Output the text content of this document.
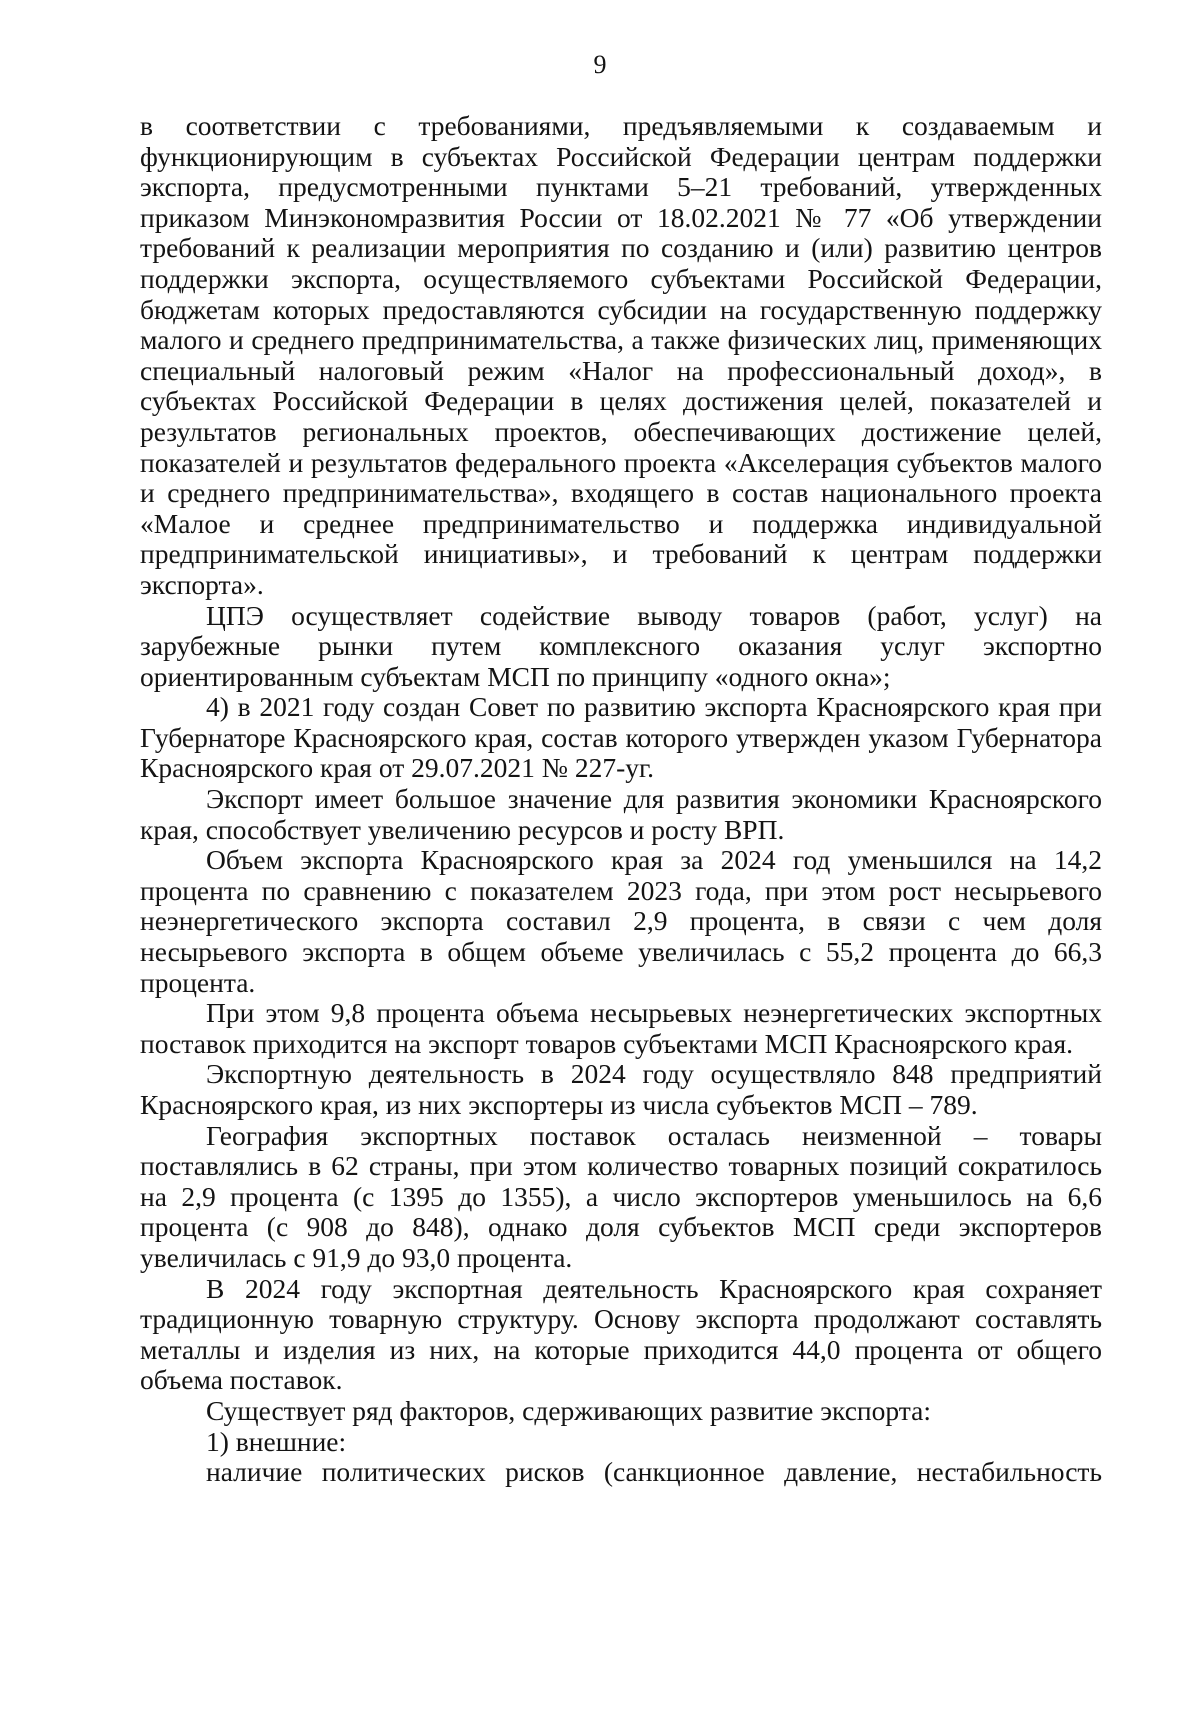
9

в соответствии с требованиями, предъявляемыми к создаваемым и функционирующим в субъектах Российской Федерации центрам поддержки экспорта, предусмотренными пунктами 5–21 требований, утвержденных приказом Минэкономразвития России от 18.02.2021 № 77 «Об утверждении требований к реализации мероприятия по созданию и (или) развитию центров поддержки экспорта, осуществляемого субъектами Российской Федерации, бюджетам которых предоставляются субсидии на государственную поддержку малого и среднего предпринимательства, а также физических лиц, применяющих специальный налоговый режим «Налог на профессиональный доход», в субъектах Российской Федерации в целях достижения целей, показателей и результатов региональных проектов, обеспечивающих достижение целей, показателей и результатов федерального проекта «Акселерация субъектов малого и среднего предпринимательства», входящего в состав национального проекта «Малое и среднее предпринимательство и поддержка индивидуальной предпринимательской инициативы», и требований к центрам поддержки экспорта».

ЦПЭ осуществляет содействие выводу товаров (работ, услуг) на зарубежные рынки путем комплексного оказания услуг экспортно ориентированным субъектам МСП по принципу «одного окна»;

4) в 2021 году создан Совет по развитию экспорта Красноярского края при Губернаторе Красноярского края, состав которого утвержден указом Губернатора Красноярского края от 29.07.2021 № 227-уг.

Экспорт имеет большое значение для развития экономики Красноярского края, способствует увеличению ресурсов и росту ВРП.

Объем экспорта Красноярского края за 2024 год уменьшился на 14,2 процента по сравнению с показателем 2023 года, при этом рост несырьевого неэнергетического экспорта составил 2,9 процента, в связи с чем доля несырьевого экспорта в общем объеме увеличилась с 55,2 процента до 66,3 процента.

При этом 9,8 процента объема несырьевых неэнергетических экспортных поставок приходится на экспорт товаров субъектами МСП Красноярского края.

Экспортную деятельность в 2024 году осуществляло 848 предприятий Красноярского края, из них экспортеры из числа субъектов МСП – 789.

География экспортных поставок осталась неизменной – товары поставлялись в 62 страны, при этом количество товарных позиций сократилось на 2,9 процента (с 1395 до 1355), а число экспортеров уменьшилось на 6,6 процента (с 908 до 848), однако доля субъектов МСП среди экспортеров увеличилась с 91,9 до 93,0 процента.

В 2024 году экспортная деятельность Красноярского края сохраняет традиционную товарную структуру. Основу экспорта продолжают составлять металлы и изделия из них, на которые приходится 44,0 процента от общего объема поставок.

Существует ряд факторов, сдерживающих развитие экспорта:

1) внешние:

наличие политических рисков (санкционное давление, нестабильность
